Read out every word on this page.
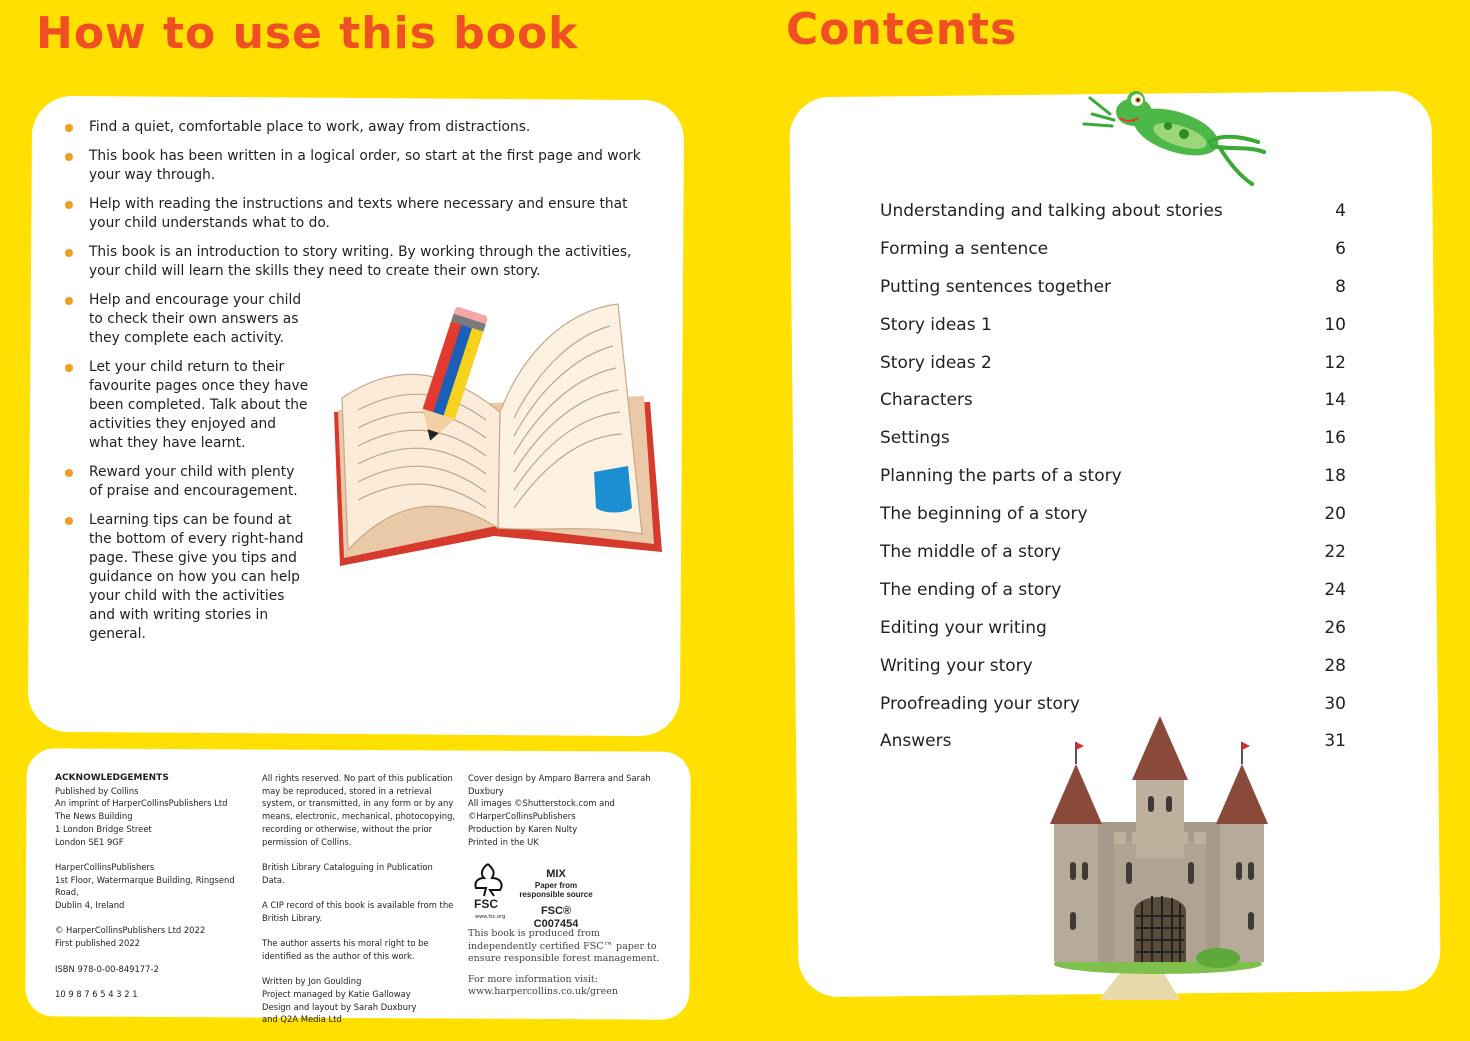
How to use this book	Contents
Find a quiet, comfortable place to work, away from distractions.
This book has been written in a logical order, so start at the first page and work your way through.
Help with reading the instructions and texts where necessary and ensure that your child understands what to do.
This book is an introduction to story writing. By working through the activities, your child will learn the skills they need to create their own story.
Help and encourage your child to check their own answers as they complete each activity.
Let your child return to their favourite pages once they have been completed. Talk about the activities they enjoyed and what they have learnt.
Reward your child with plenty of praise and encouragement.
Learning tips can be found at the bottom of every right-hand page. These give you tips and guidance on how you can help your child with the activities and with writing stories in general.
ACKNOWLEDGEMENTS

Published by Collins
An imprint of HarperCollinsPublishers Ltd
The News Building
1 London Bridge Street
London SE1 9GF

HarperCollinsPublishers
1st Floor, Watermarque Building, Ringsend Road,
Dublin 4, Ireland

© HarperCollinsPublishers Ltd 2022
First published 2022

ISBN 978-0-00-849177-2

10 9 8 7 6 5 4 3 2 1

All rights reserved. No part of this publication may be reproduced, stored in a retrieval system, or transmitted, in any form or by any means, electronic, mechanical, photocopying, recording or otherwise, without the prior permission of Collins.

British Library Cataloguing in Publication Data.

A CIP record of this book is available from the British Library.

The author asserts his moral right to be identified as the author of this work.

Written by Jon Goulding
Project managed by Katie Galloway
Design and layout by Sarah Duxbury
and Q2A Media Ltd

Cover design by Amparo Barrera and Sarah Duxbury
All images ©Shutterstock.com and
©HarperCollinsPublishers
Production by Karen Nulty
Printed in the UK

FSC
www.fsc.org
MIX
Paper from responsible source
FSC® C007454

This book is produced from independently certified FSC™ paper to ensure responsible forest management.

For more information visit: www.harpercollins.co.uk/green

Understanding and talking about stories	4
Forming a sentence	6
Putting sentences together	8
Story ideas 1	10
Story ideas 2	12
Characters	14
Settings	16
Planning the parts of a story	18
The beginning of a story	20
The middle of a story	22
The ending of a story	24
Editing your writing	26
Writing your story	28
Proofreading your story	30
Answers	31
